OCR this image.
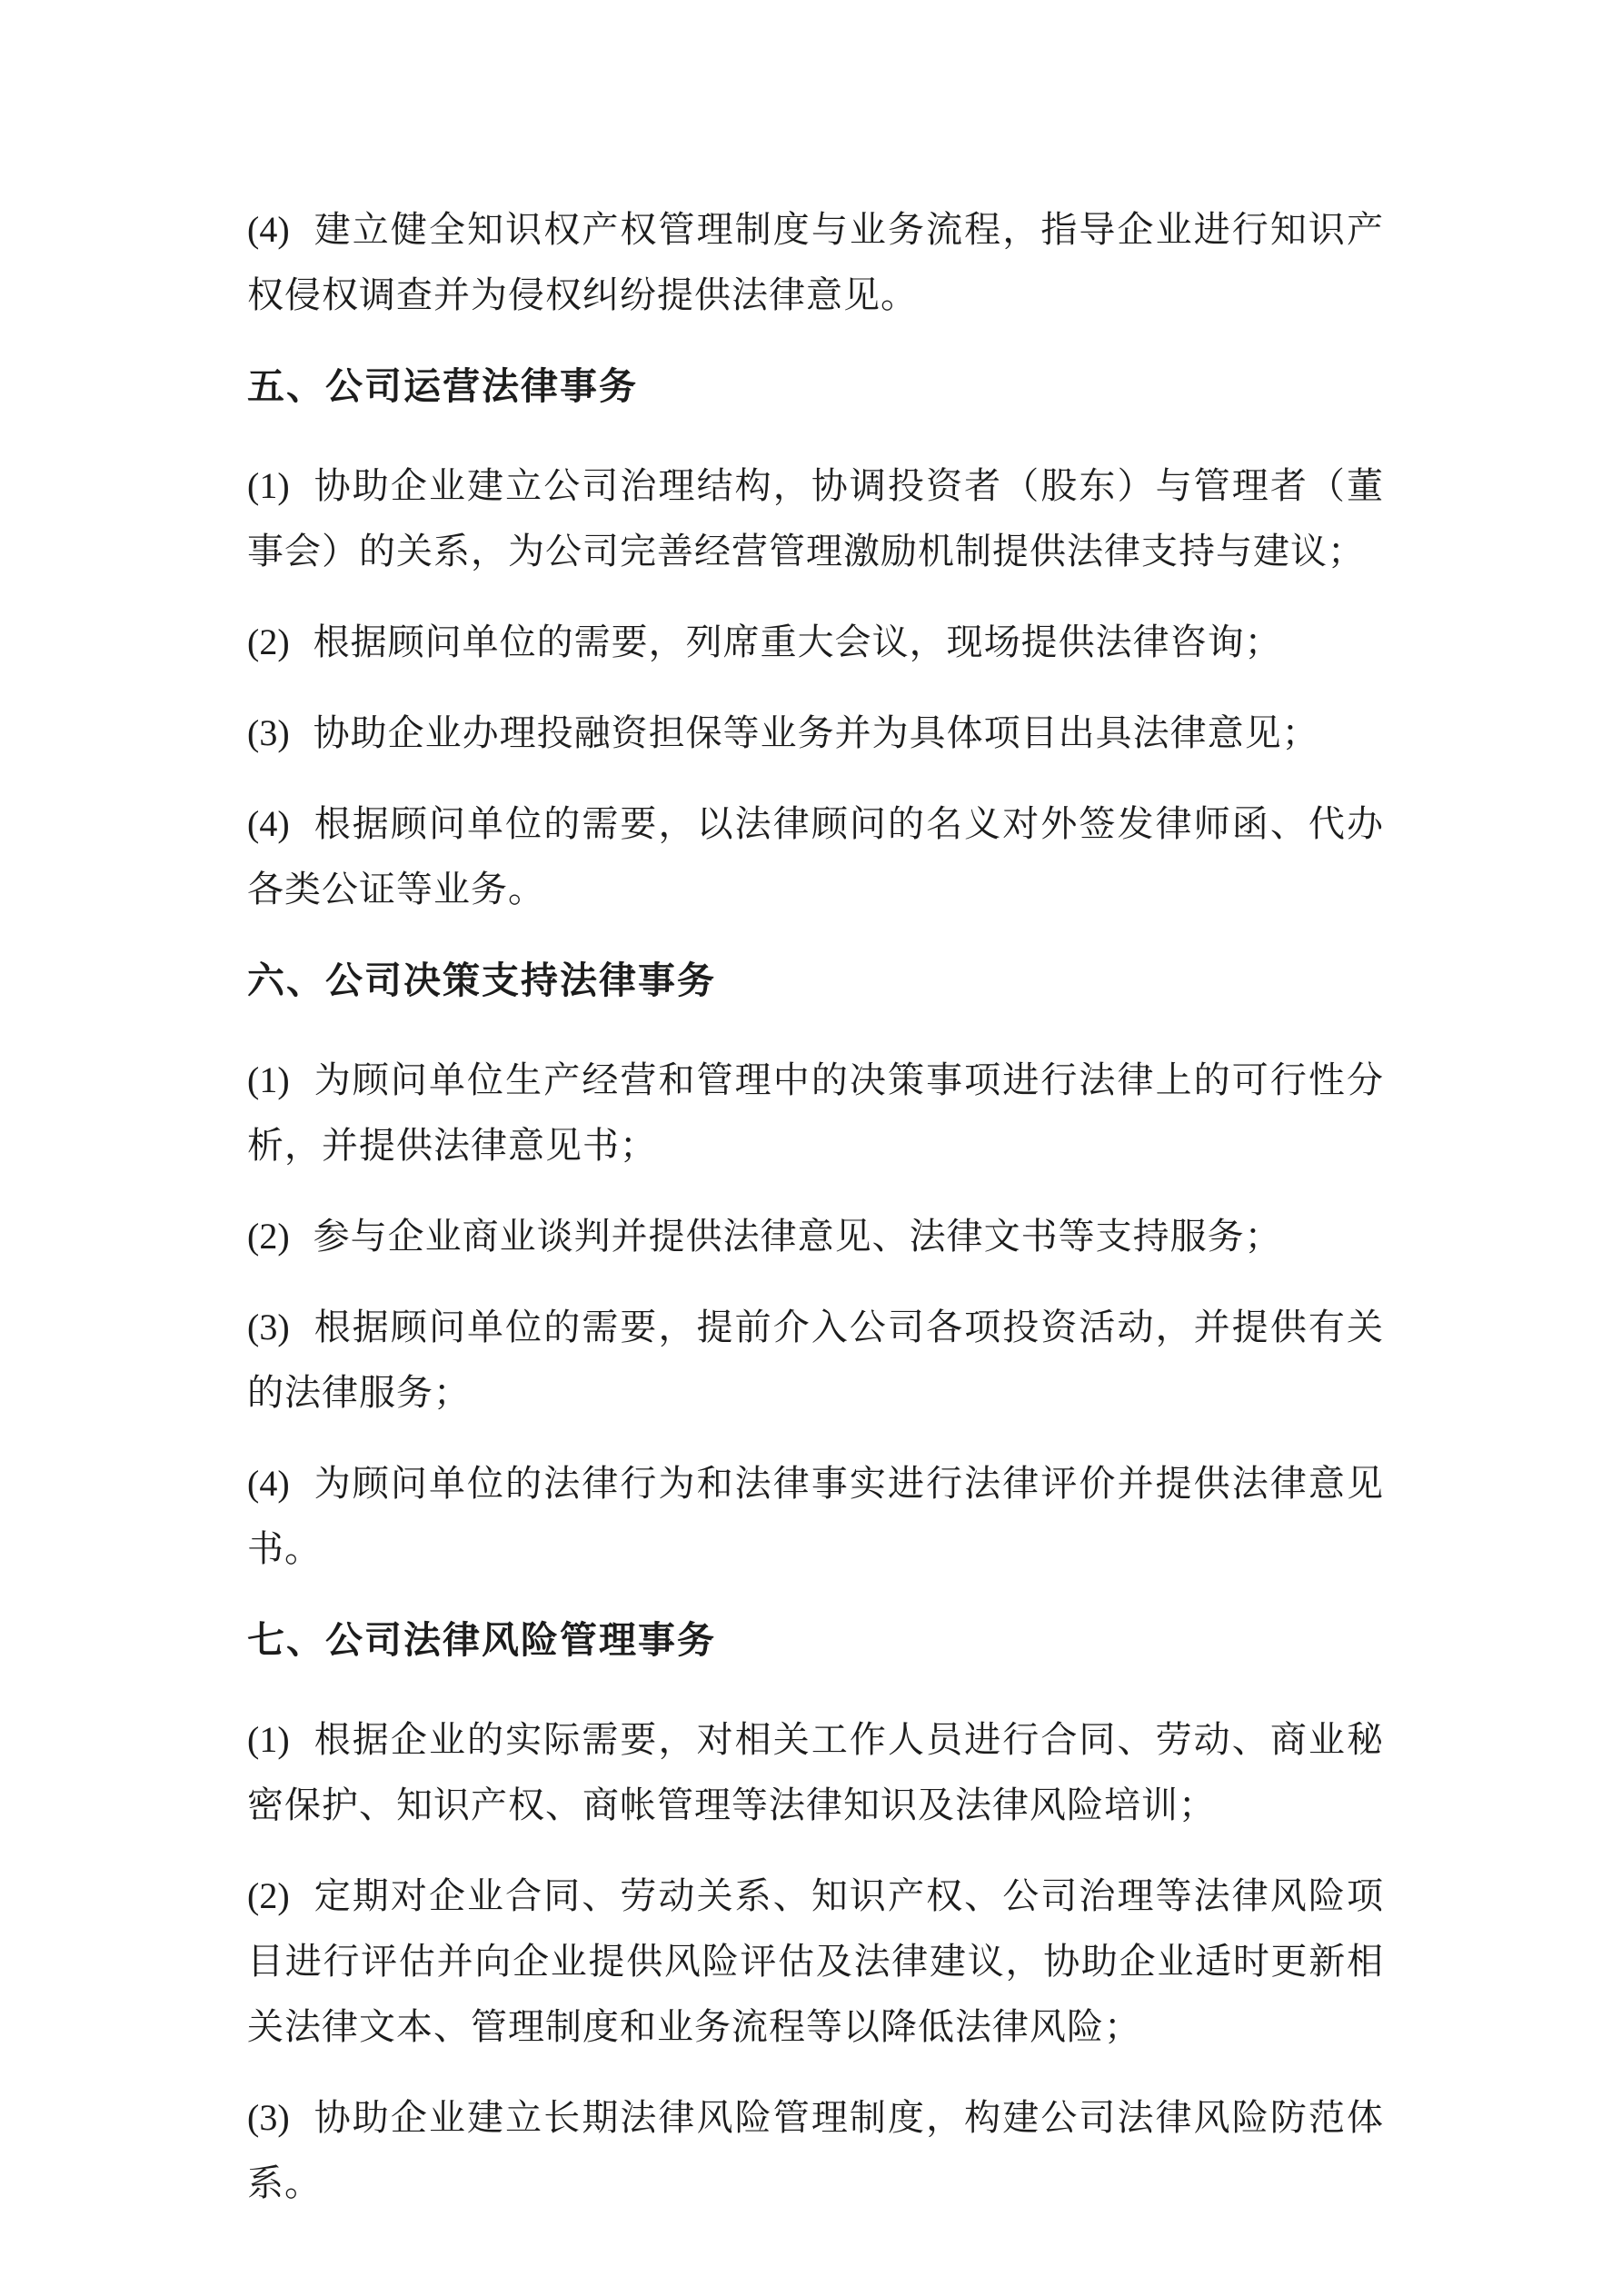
(4) 建立健全知识权产权管理制度与业务流程，指导企业进行知识产权侵权调查并为侵权纠纷提供法律意见。

五、公司运营法律事务

(1) 协助企业建立公司治理结构，协调投资者（股东）与管理者（董事会）的关系，为公司完善经营管理激励机制提供法律支持与建议；

(2) 根据顾问单位的需要，列席重大会议，现场提供法律咨询；

(3) 协助企业办理投融资担保等业务并为具体项目出具法律意见；

(4) 根据顾问单位的需要，以法律顾问的名义对外签发律师函、代办各类公证等业务。

六、公司决策支持法律事务

(1) 为顾问单位生产经营和管理中的决策事项进行法律上的可行性分析，并提供法律意见书；

(2) 参与企业商业谈判并提供法律意见、法律文书等支持服务；

(3) 根据顾问单位的需要，提前介入公司各项投资活动，并提供有关的法律服务；

(4) 为顾问单位的法律行为和法律事实进行法律评价并提供法律意见书。

七、公司法律风险管理事务

(1) 根据企业的实际需要，对相关工作人员进行合同、劳动、商业秘密保护、知识产权、商帐管理等法律知识及法律风险培训；

(2) 定期对企业合同、劳动关系、知识产权、公司治理等法律风险项目进行评估并向企业提供风险评估及法律建议，协助企业适时更新相关法律文本、管理制度和业务流程等以降低法律风险；

(3) 协助企业建立长期法律风险管理制度，构建公司法律风险防范体系。
